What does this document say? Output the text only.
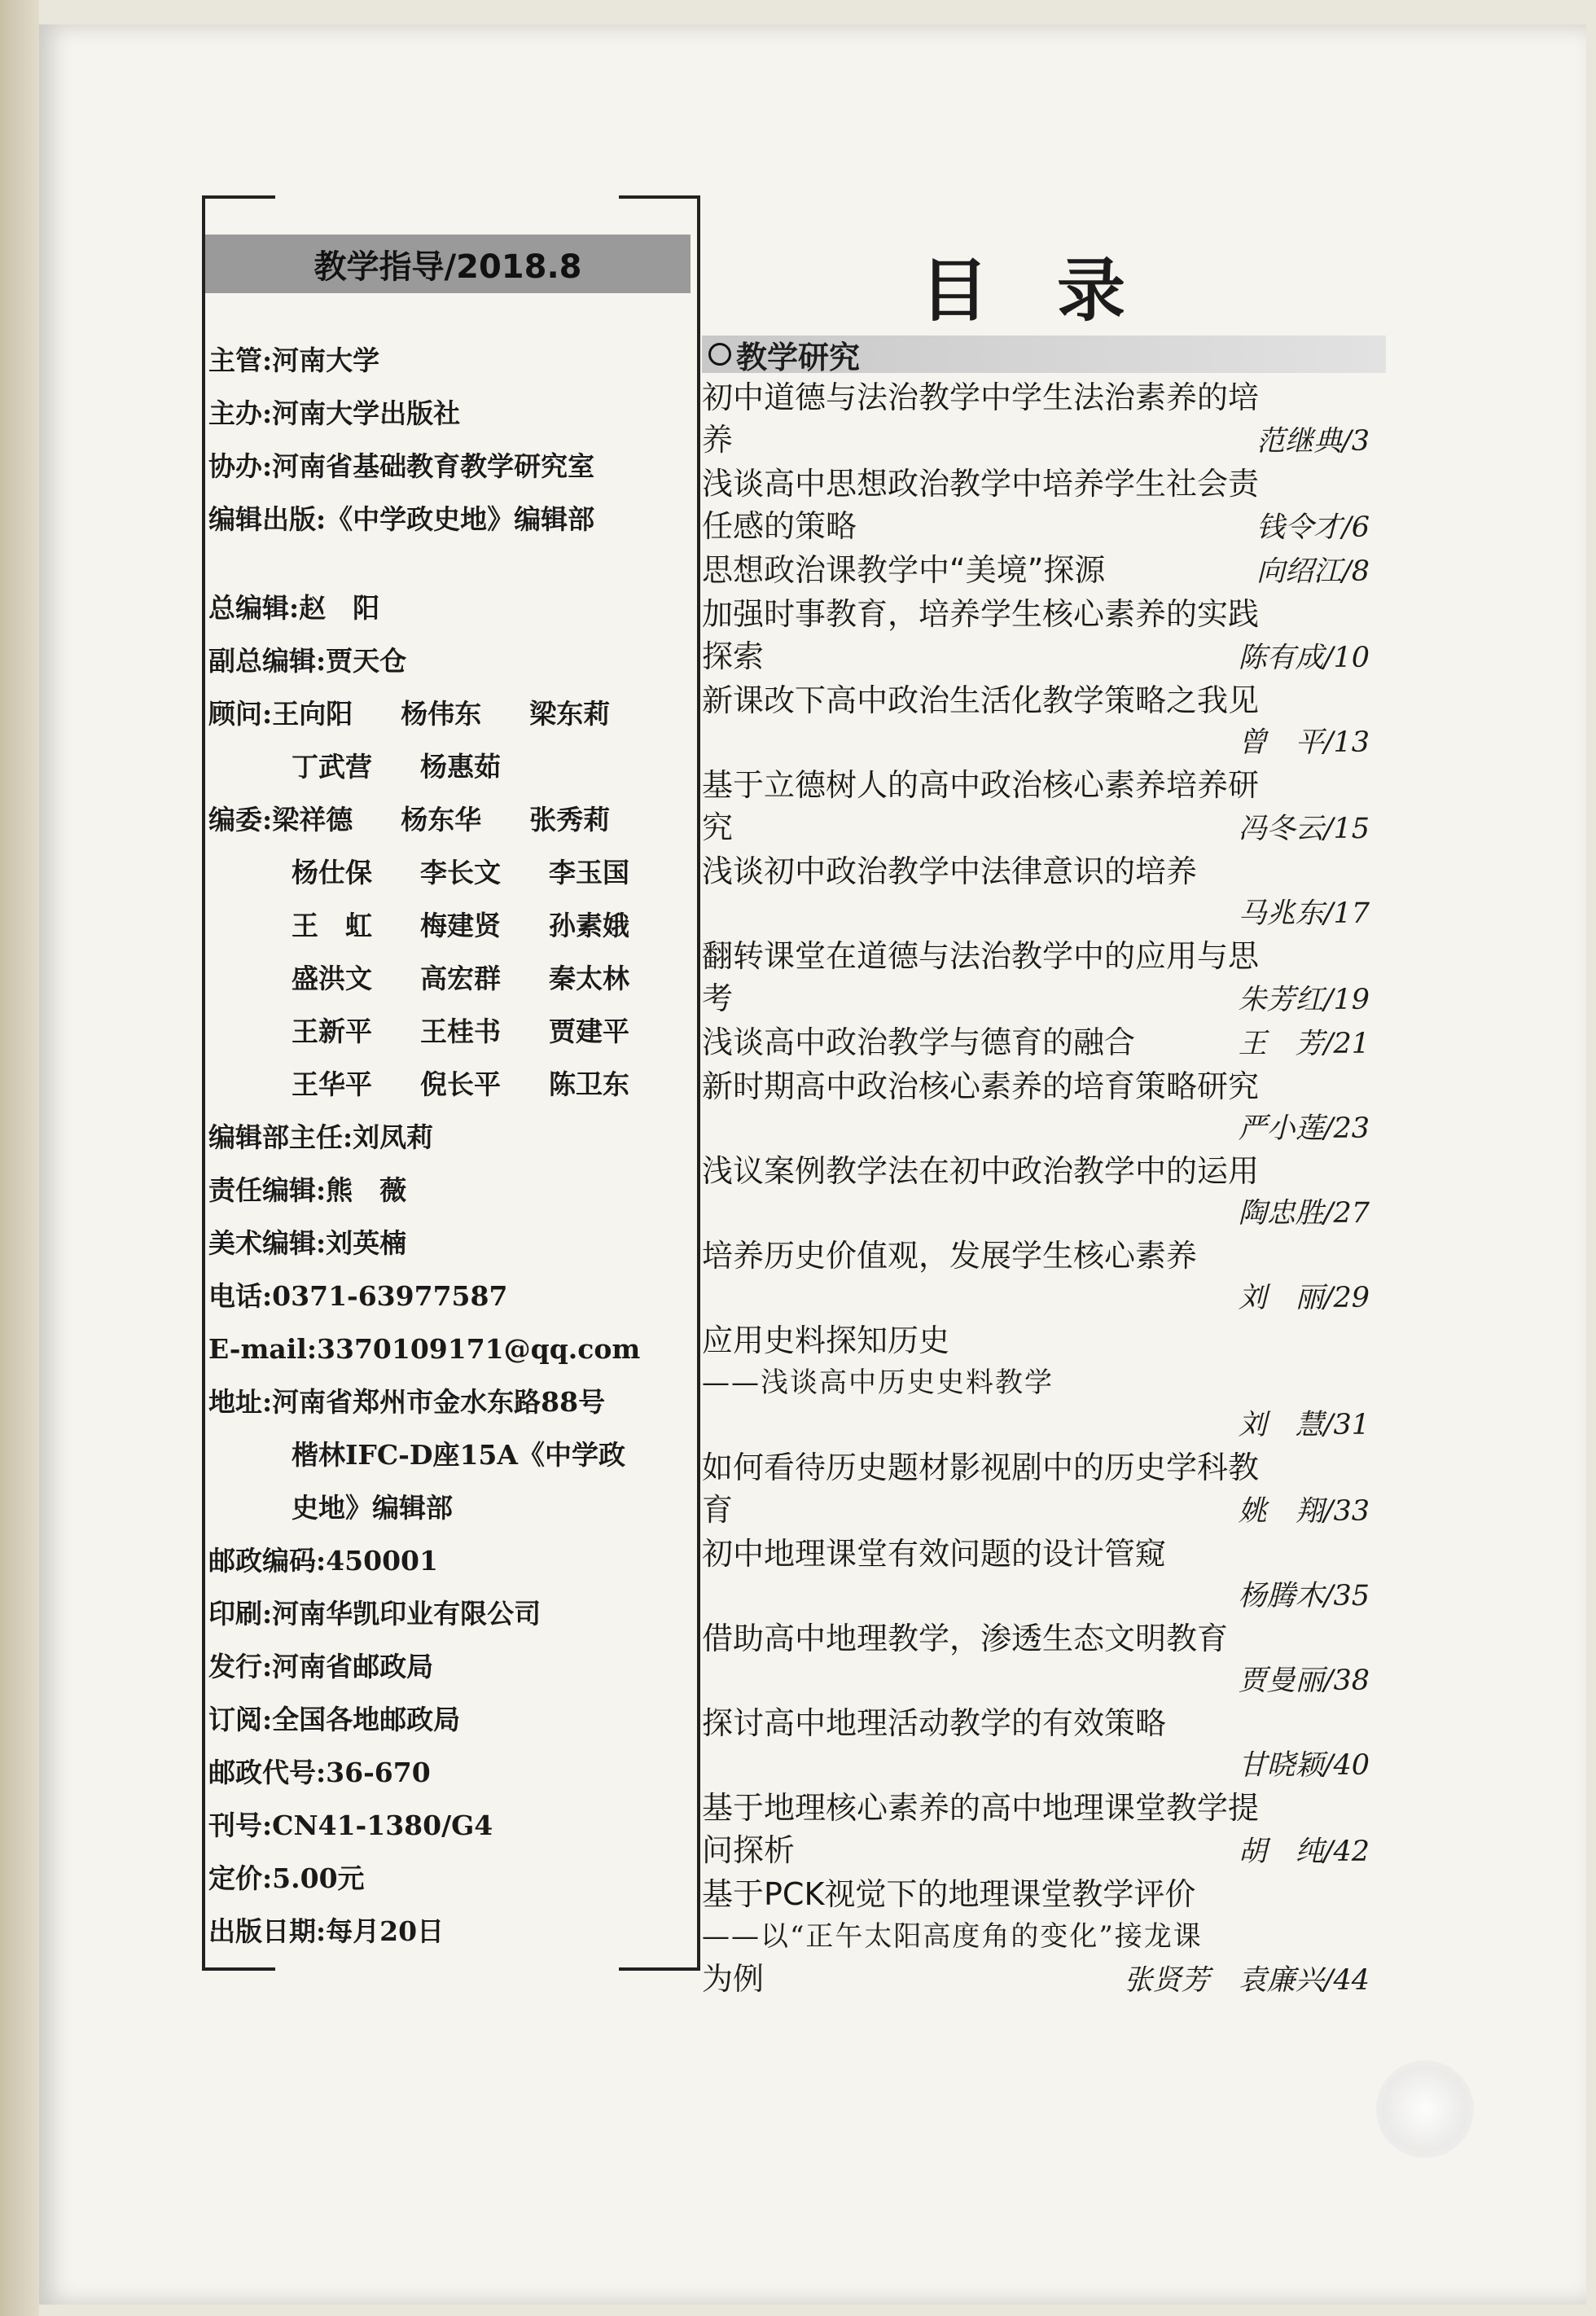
教学指导/2018.8
主管:河南大学
主办:河南大学出版社
协办:河南省基础教育教学研究室
编辑出版:《中学政史地》编辑部
总编辑:赵　阳
副总编辑:贾天仓
顾问:王向阳 杨伟东 梁东莉
丁武营 杨惠茹
编委:梁祥德 杨东华 张秀莉
杨仕保 李长文 李玉国
王　虹 梅建贤 孙素娥
盛洪文 高宏群 秦太林
王新平 王桂书 贾建平
王华平 倪长平 陈卫东
编辑部主任:刘凤莉
责任编辑:熊　薇
美术编辑:刘英楠
电话:0371-63977587
E-mail:3370109171@qq.com
地址:河南省郑州市金水东路88号
楷林IFC-D座15A《中学政
史地》编辑部
邮政编码:450001
印刷:河南华凯印业有限公司
发行:河南省邮政局
订阅:全国各地邮政局
邮政代号:36-670
刊号:CN41-1380/G4
定价:5.00元
出版日期:每月20日
目录
教学研究
初中道德与法治教学中学生法治素养的培
养	范继典/3
浅谈高中思想政治教学中培养学生社会责
任感的策略	钱令才/6
思想政治课教学中“美境”探源	向绍江/8
加强时事教育，培养学生核心素养的实践
探索	陈有成/10
新课改下高中政治生活化教学策略之我见
曾　平/13
基于立德树人的高中政治核心素养培养研
究	冯冬云/15
浅谈初中政治教学中法律意识的培养
马兆东/17
翻转课堂在道德与法治教学中的应用与思
考	朱芳红/19
浅谈高中政治教学与德育的融合	王　芳/21
新时期高中政治核心素养的培育策略研究
严小莲/23
浅议案例教学法在初中政治教学中的运用
陶忠胜/27
培养历史价值观，发展学生核心素养
刘　丽/29
应用史料探知历史
——浅谈高中历史史料教学
刘　慧/31
如何看待历史题材影视剧中的历史学科教
育	姚　翔/33
初中地理课堂有效问题的设计管窥
杨腾木/35
借助高中地理教学，渗透生态文明教育
贾曼丽/38
探讨高中地理活动教学的有效策略
甘晓颖/40
基于地理核心素养的高中地理课堂教学提
问探析	胡　纯/42
基于PCK视觉下的地理课堂教学评价
——以“正午太阳高度角的变化”接龙课
为例	张贤芳　袁廉兴/44
